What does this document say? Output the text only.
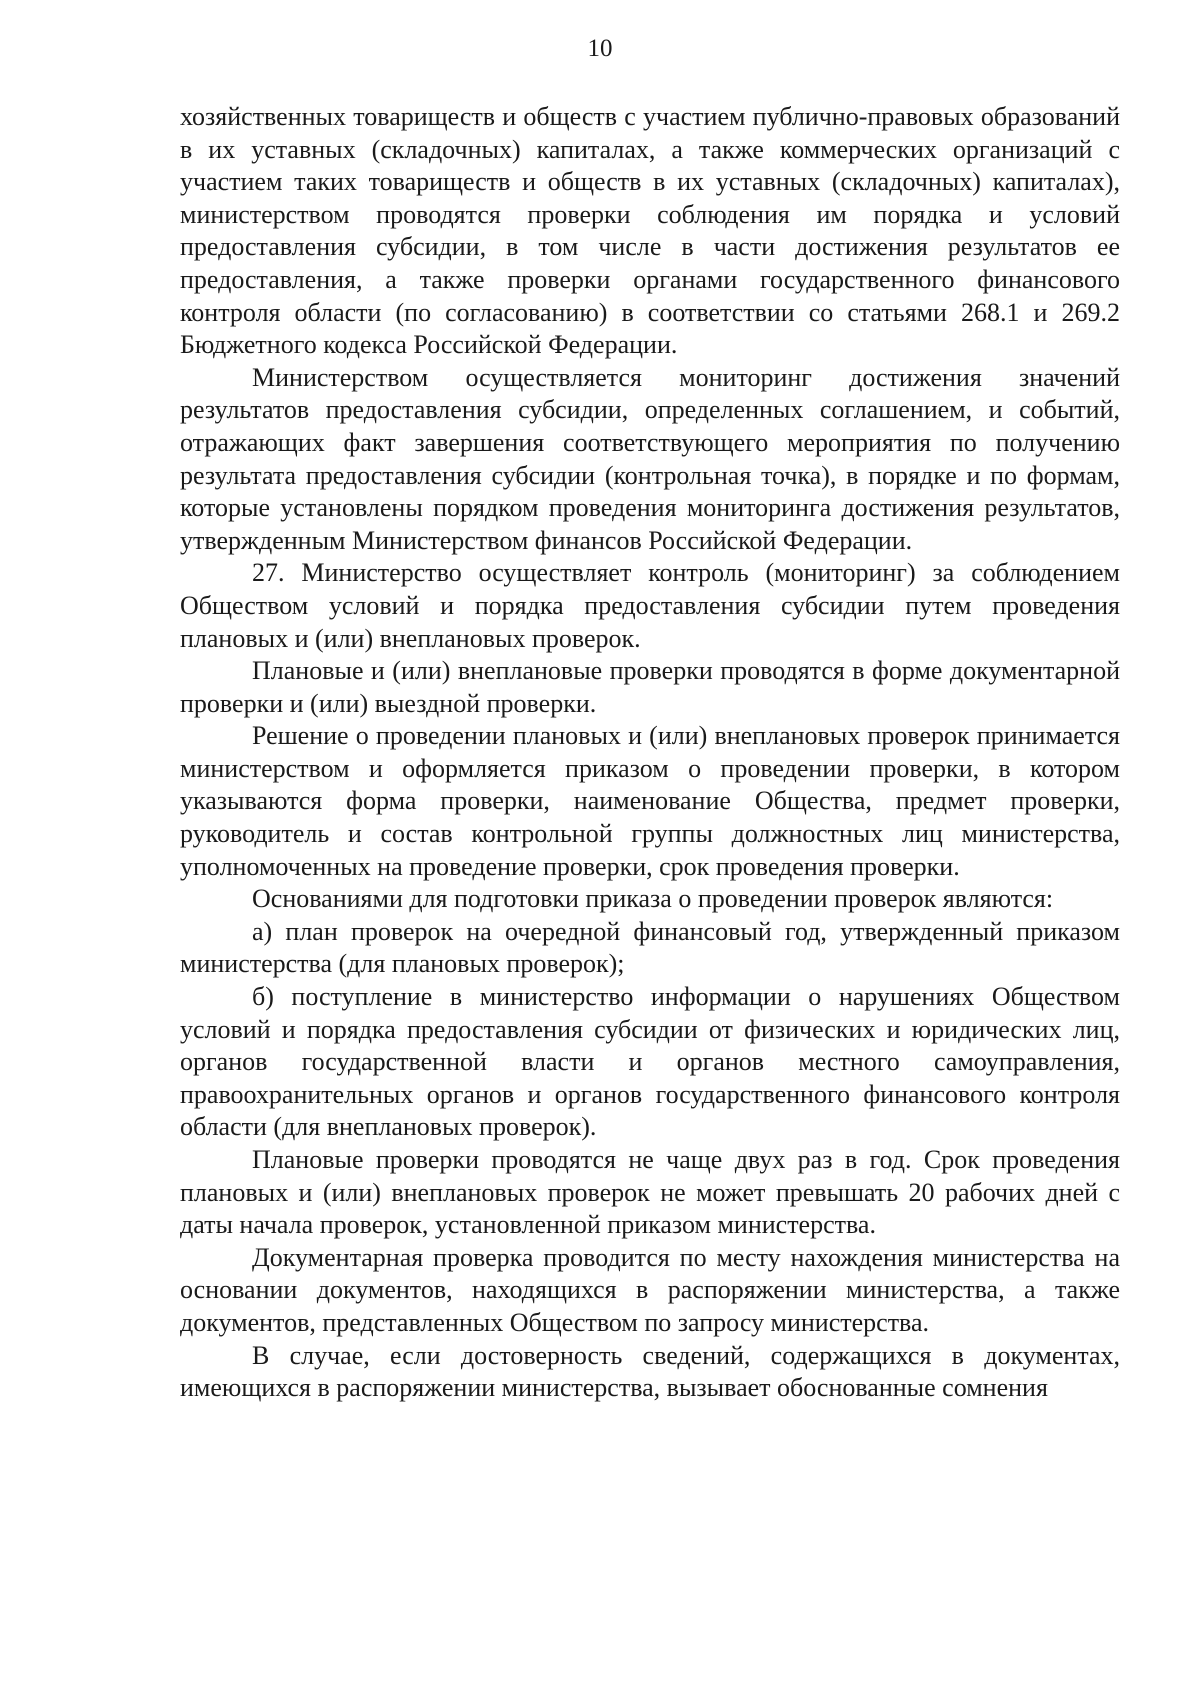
10

хозяйственных товариществ и обществ с участием публично-правовых образований в их уставных (складочных) капиталах, а также коммерческих организаций с участием таких товариществ и обществ в их уставных (складочных) капиталах), министерством проводятся проверки соблюдения им порядка и условий предоставления субсидии, в том числе в части достижения результатов ее предоставления, а также проверки органами государственного финансового контроля области (по согласованию) в соответствии со статьями 268.1 и 269.2 Бюджетного кодекса Российской Федерации.

Министерством осуществляется мониторинг достижения значений результатов предоставления субсидии, определенных соглашением, и событий, отражающих факт завершения соответствующего мероприятия по получению результата предоставления субсидии (контрольная точка), в порядке и по формам, которые установлены порядком проведения мониторинга достижения результатов, утвержденным Министерством финансов Российской Федерации.

27. Министерство осуществляет контроль (мониторинг) за соблюдением Обществом условий и порядка предоставления субсидии путем проведения плановых и (или) внеплановых проверок.

Плановые и (или) внеплановые проверки проводятся в форме документарной проверки и (или) выездной проверки.

Решение о проведении плановых и (или) внеплановых проверок принимается министерством и оформляется приказом о проведении проверки, в котором указываются форма проверки, наименование Общества, предмет проверки, руководитель и состав контрольной группы должностных лиц министерства, уполномоченных на проведение проверки, срок проведения проверки.

Основаниями для подготовки приказа о проведении проверок являются:

а) план проверок на очередной финансовый год, утвержденный приказом министерства (для плановых проверок);

б) поступление в министерство информации о нарушениях Обществом условий и порядка предоставления субсидии от физических и юридических лиц, органов государственной власти и органов местного самоуправления, правоохранительных органов и органов государственного финансового контроля области (для внеплановых проверок).

Плановые проверки проводятся не чаще двух раз в год. Срок проведения плановых и (или) внеплановых проверок не может превышать 20 рабочих дней с даты начала проверок, установленной приказом министерства.

Документарная проверка проводится по месту нахождения министерства на основании документов, находящихся в распоряжении министерства, а также документов, представленных Обществом по запросу министерства.

В случае, если достоверность сведений, содержащихся в документах, имеющихся в распоряжении министерства, вызывает обоснованные сомнения
